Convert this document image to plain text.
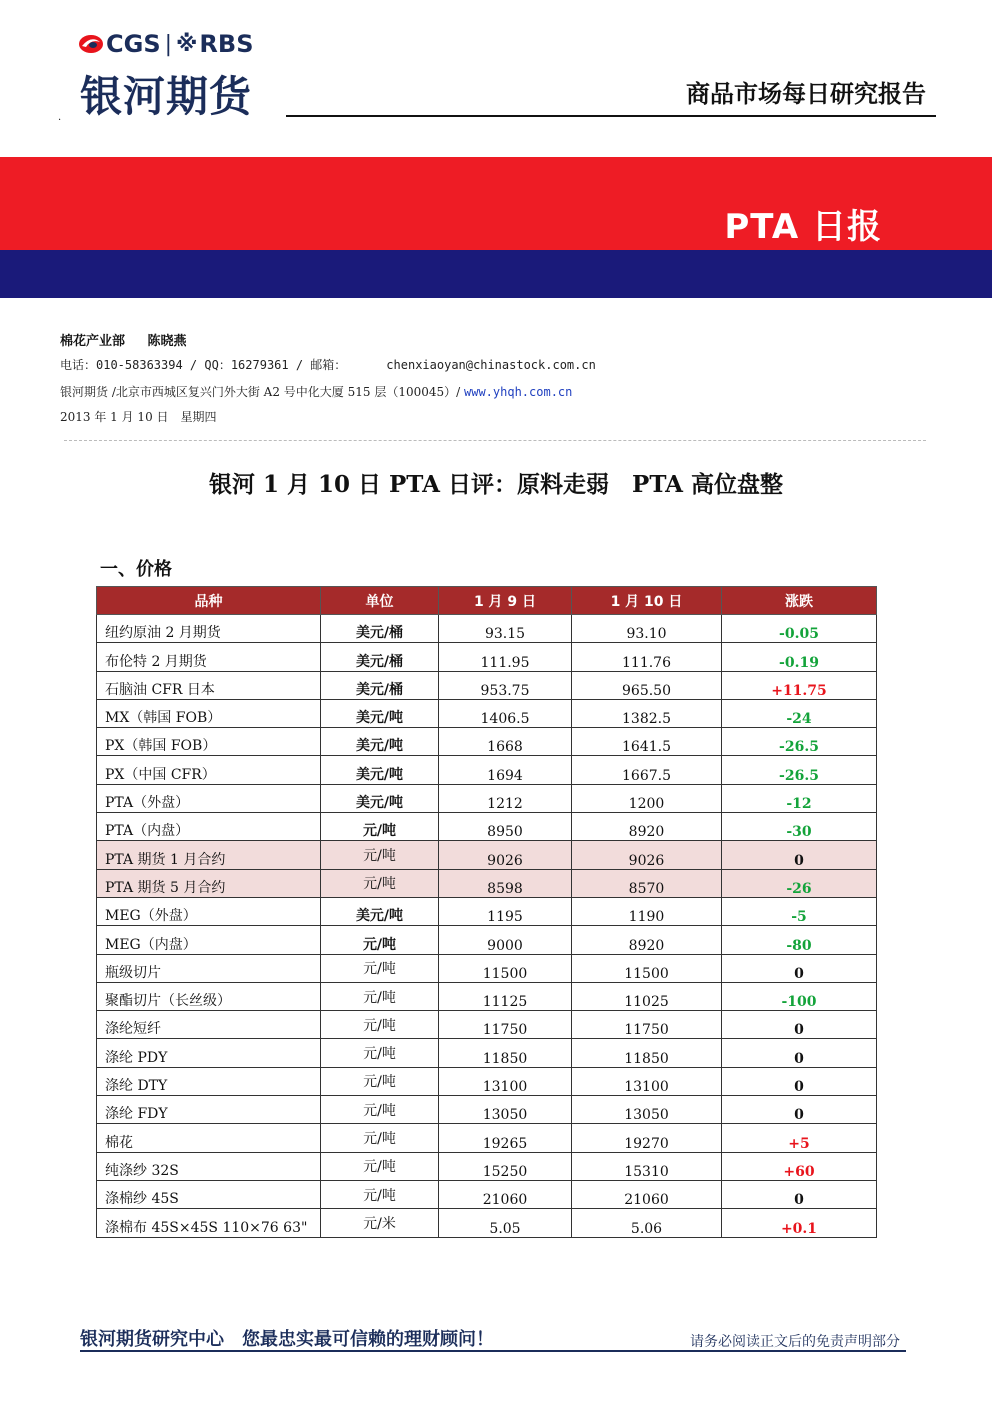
CGS | ※ RBS
银河期货	商品市场每日研究报告
.
PTA 日报
棉花产业部 陈晓燕
电话：010-58363394 / QQ：16279361 / 邮箱：	chenxiaoyan@chinastock.com.cn
银河期货 /北京市西城区复兴门外大街 A2 号中化大厦 515 层（100045）/ www.yhqh.com.cn
2013 年 1 月 10 日　星期四
银河 1 月 10 日 PTA 日评：原料走弱　PTA 高位盘整
一、价格
品种	单位	1 月 9 日	1 月 10 日	涨跌
纽约原油 2 月期货	美元/桶	93.15	93.10	-0.05
布伦特 2 月期货	美元/桶	111.95	111.76	-0.19
石脑油 CFR 日本	美元/桶	953.75	965.50	+11.75
MX（韩国 FOB）	美元/吨	1406.5	1382.5	-24
PX（韩国 FOB）	美元/吨	1668	1641.5	-26.5
PX（中国 CFR）	美元/吨	1694	1667.5	-26.5
PTA（外盘）	美元/吨	1212	1200	-12
PTA（内盘）	元/吨	8950	8920	-30
PTA 期货 1 月合约	元/吨	9026	9026	0
PTA 期货 5 月合约	元/吨	8598	8570	-26
MEG（外盘）	美元/吨	1195	1190	-5
MEG（内盘）	元/吨	9000	8920	-80
瓶级切片	元/吨	11500	11500	0
聚酯切片（长丝级）	元/吨	11125	11025	-100
涤纶短纤	元/吨	11750	11750	0
涤纶 PDY	元/吨	11850	11850	0
涤纶 DTY	元/吨	13100	13100	0
涤纶 FDY	元/吨	13050	13050	0
棉花	元/吨	19265	19270	+5
纯涤纱 32S	元/吨	15250	15310	+60
涤棉纱 45S	元/吨	21060	21060	0
涤棉布 45S×45S 110×76 63"	元/米	5.05	5.06	+0.1
银河期货研究中心　您最忠实最可信赖的理财顾问！	请务必阅读正文后的免责声明部分
